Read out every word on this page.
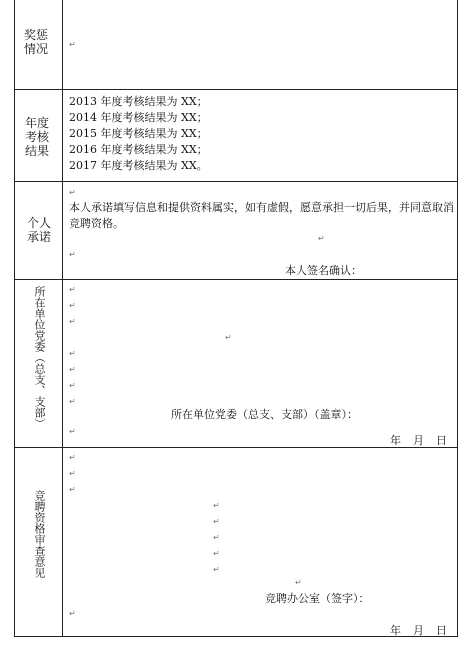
奖惩情况	↵
年度考核结果
2013 年度考核结果为 XX；
2014 年度考核结果为 XX；
2015 年度考核结果为 XX；
2016 年度考核结果为 XX；
2017 年度考核结果为 XX。
个人承诺
↵
本人承诺填写信息和提供资料属实，如有虚假，愿意承担一切后果，并同意取消竞聘资格。
↵
↵
本人签名确认：
所在单位党委（总支、支部）	↵
↵
↵
↵
↵
↵
↵
↵
↵
所在单位党委（总支、支部）（盖章）：
年 月 日
竞聘资格审查意见
↵
↵
↵
↵
↵
↵
↵
↵
↵
↵
竞聘办公室（签字）：
年 月 日
